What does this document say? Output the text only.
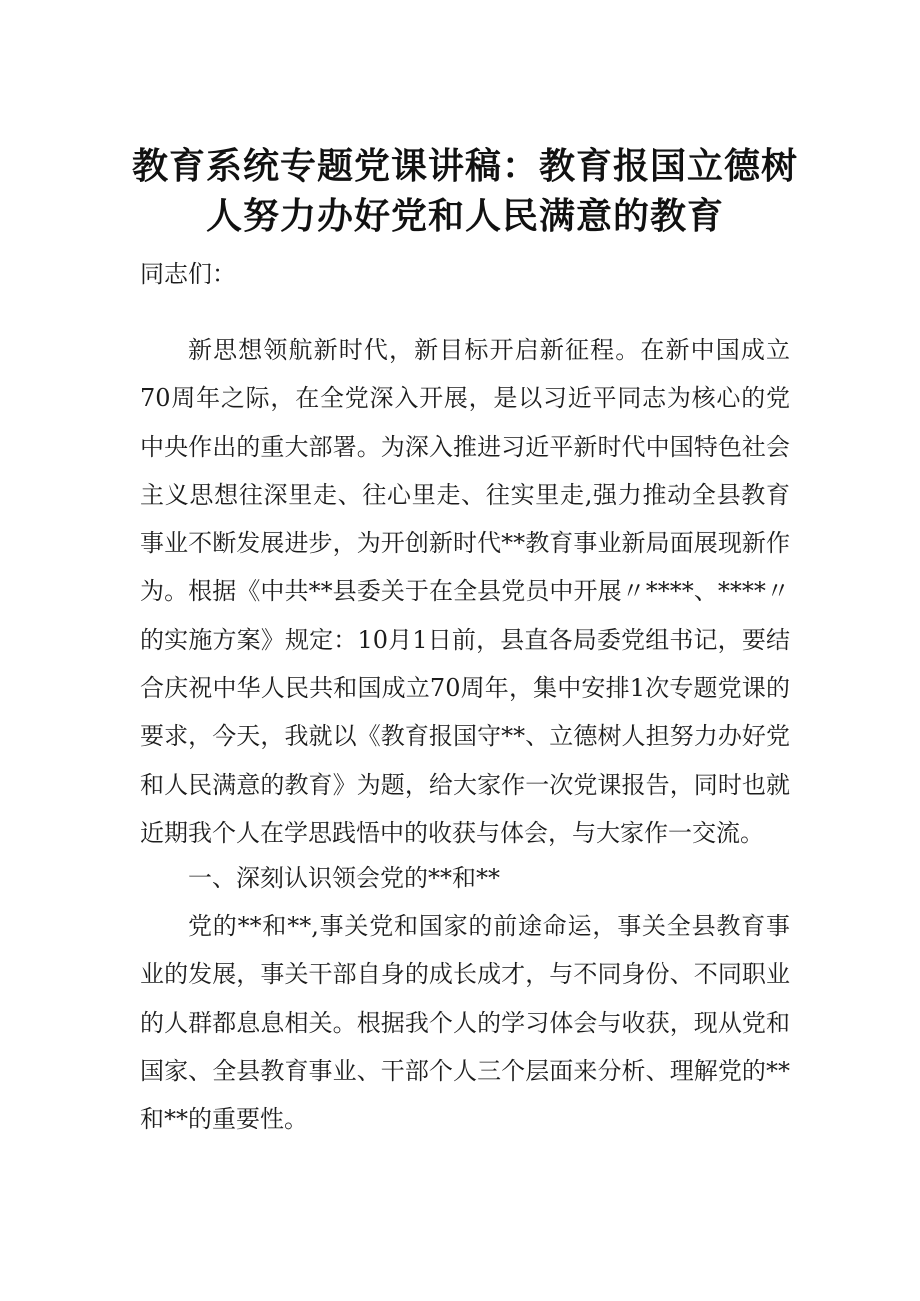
教育系统专题党课讲稿：教育报国立德树
人努力办好党和人民满意的教育
同志们：
新思想领航新时代，新目标开启新征程。在新中国成立70周年之际，在全党深入开展，是以习近平同志为核心的党中央作出的重大部署。为深入推进习近平新时代中国特色社会主义思想往深里走、往心里走、往实里走,强力推动全县教育事业不断发展进步，为开创新时代**教育事业新局面展现新作为。根据《中共**县委关于在全县党员中开展〃****、****〃的实施方案》规定：10月1日前，县直各局委党组书记，要结合庆祝中华人民共和国成立70周年，集中安排1次专题党课的要求，今天，我就以《教育报国守**、立德树人担努力办好党和人民满意的教育》为题，给大家作一次党课报告，同时也就近期我个人在学思践悟中的收获与体会，与大家作一交流。
一、深刻认识领会党的**和**
党的**和**,事关党和国家的前途命运，事关全县教育事业的发展，事关干部自身的成长成才，与不同身份、不同职业的人群都息息相关。根据我个人的学习体会与收获，现从党和国家、全县教育事业、干部个人三个层面来分析、理解党的**和**的重要性。
